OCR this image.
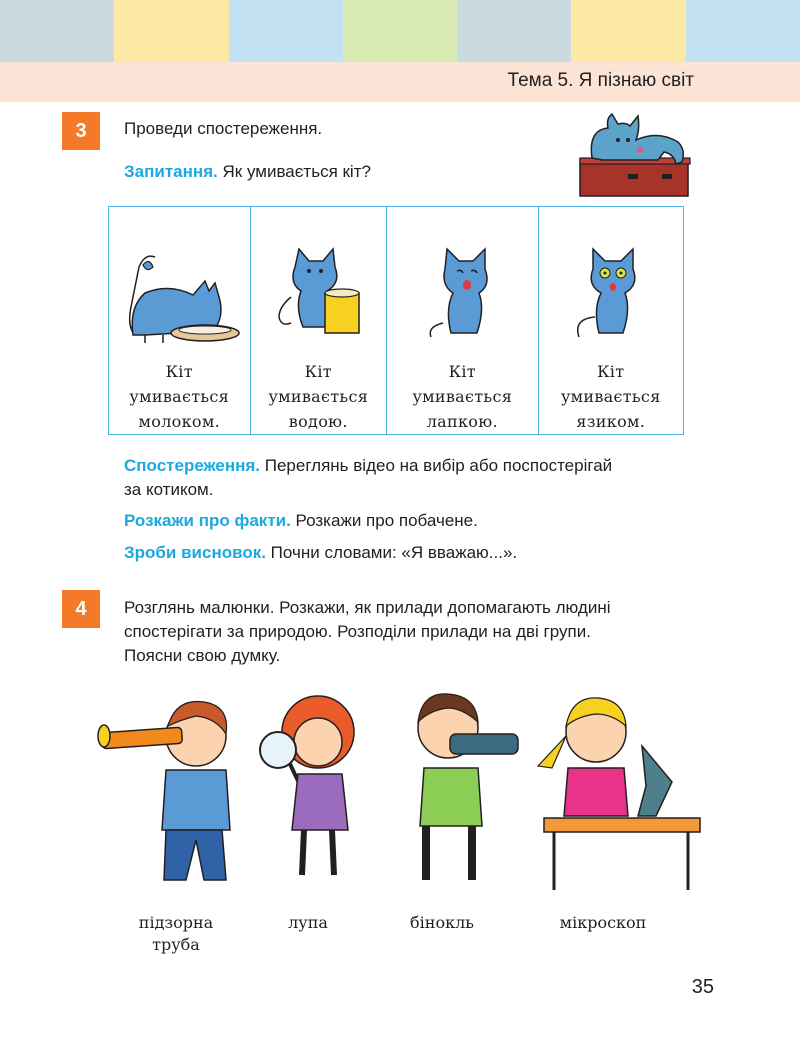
Тема 5. Я пізнаю світ
3	Проведи спостереження.
Запитання. Як умивається кіт?
Кіт
умивається
молоком.
Кіт
умивається
водою.
Кіт
умивається
лапкою.
Кіт
умивається
язиком.
Спостереження. Переглянь відео на вибір або поспостерігай
за котиком.
Розкажи про факти. Розкажи про побачене.
Зроби висновок. Почни словами: «Я вважаю...».
4	Розглянь малюнки. Розкажи, як прилади допомагають людині
спостерігати за природою. Розподіли прилади на дві групи.
Поясни свою думку.
підзорна
труба
лупа	бінокль	мікроскоп
35
